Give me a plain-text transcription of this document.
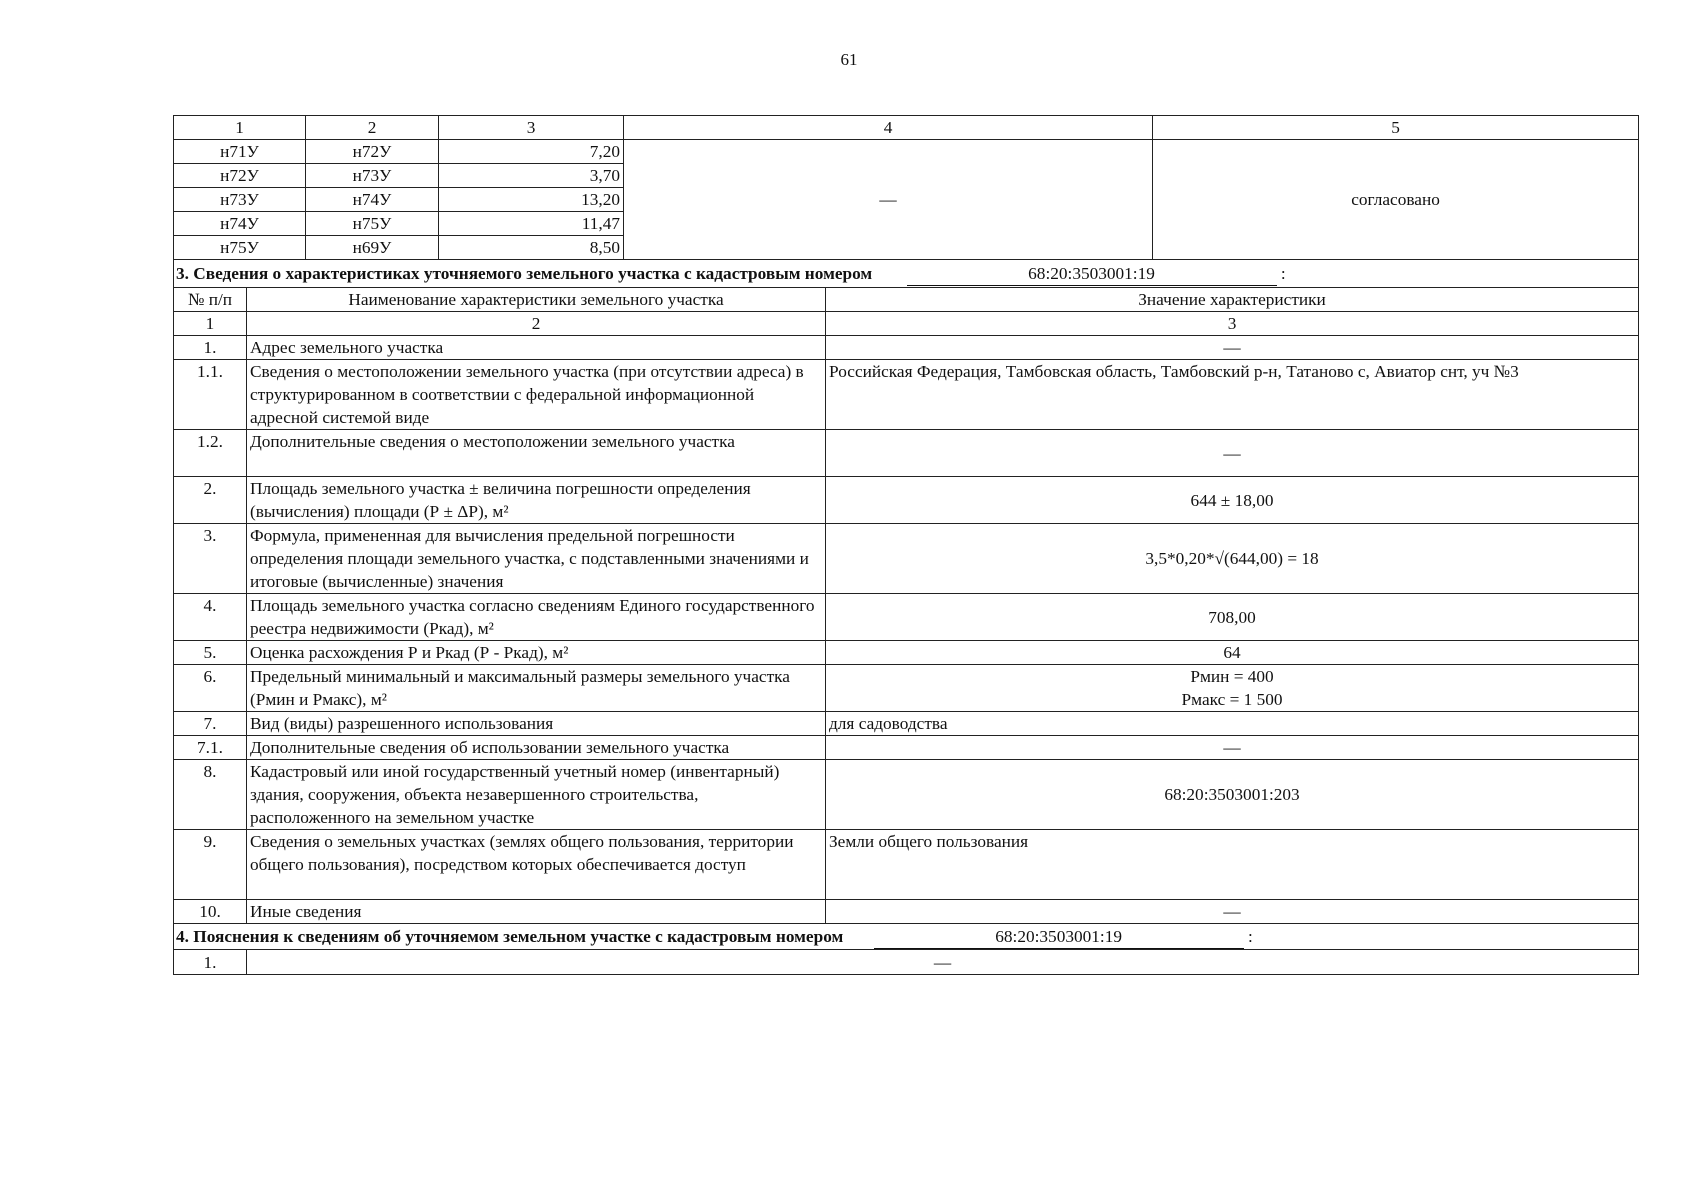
61
1		2	3	4		5
н71У		н72У	7,20	—		согласовано
н72У		н73У	3,70			
н73У		н74У	13,20			
н74У		н75У	11,47			
н75У		н69У	8,50			
3. Сведения о характеристиках уточняемого земельного участка с кадастровым номером 68:20:3503001:19 :						
№ п/п	Наименование характеристики земельного участка				Значение характеристики	
1	2				3	
1.	Адрес земельного участка				—	
1.1.	Сведения о местоположении земельного участка (при отсутствии адреса) в структурированном в соответствии с федеральной информационной адресной системой виде				Российская Федерация, Тамбовская область, Тамбовский р-н, Татаново с, Авиатор снт, уч №3	
1.2.	Дополнительные сведения о местоположении земельного участка				—	
2.	Площадь земельного участка ± величина погрешности определения (вычисления) площади (Р ± ΔР), м²				644 ± 18,00	
3.	Формула, примененная для вычисления предельной погрешности определения площади земельного участка, с подставленными значениями и итоговые (вычисленные) значения				3,5*0,20*√(644,00) = 18	
4.	Площадь земельного участка согласно сведениям Единого государственного реестра недвижимости (Ркад), м²				708,00	
5.	Оценка расхождения Р и Ркад (Р - Ркад), м²				64	
6.	Предельный минимальный и максимальный размеры земельного участка (Рмин и Рмакс), м²				Рмин = 400
Рмакс = 1 500	

7.	Вид (виды) разрешенного использования				для садоводства	
7.1.	Дополнительные сведения об использовании земельного участка				—	
8.	Кадастровый или иной государственный учетный номер (инвентарный) здания, сооружения, объекта незавершенного строительства, расположенного на земельном участке				68:20:3503001:203	
9.	Сведения о земельных участках (землях общего пользования, территории общего пользования), посредством которых обеспечивается доступ				Земли общего пользования	
10.	Иные сведения				—	
4. Пояснения к сведениям об уточняемом земельном участке с кадастровым номером 68:20:3503001:19 :						
1.	—					
